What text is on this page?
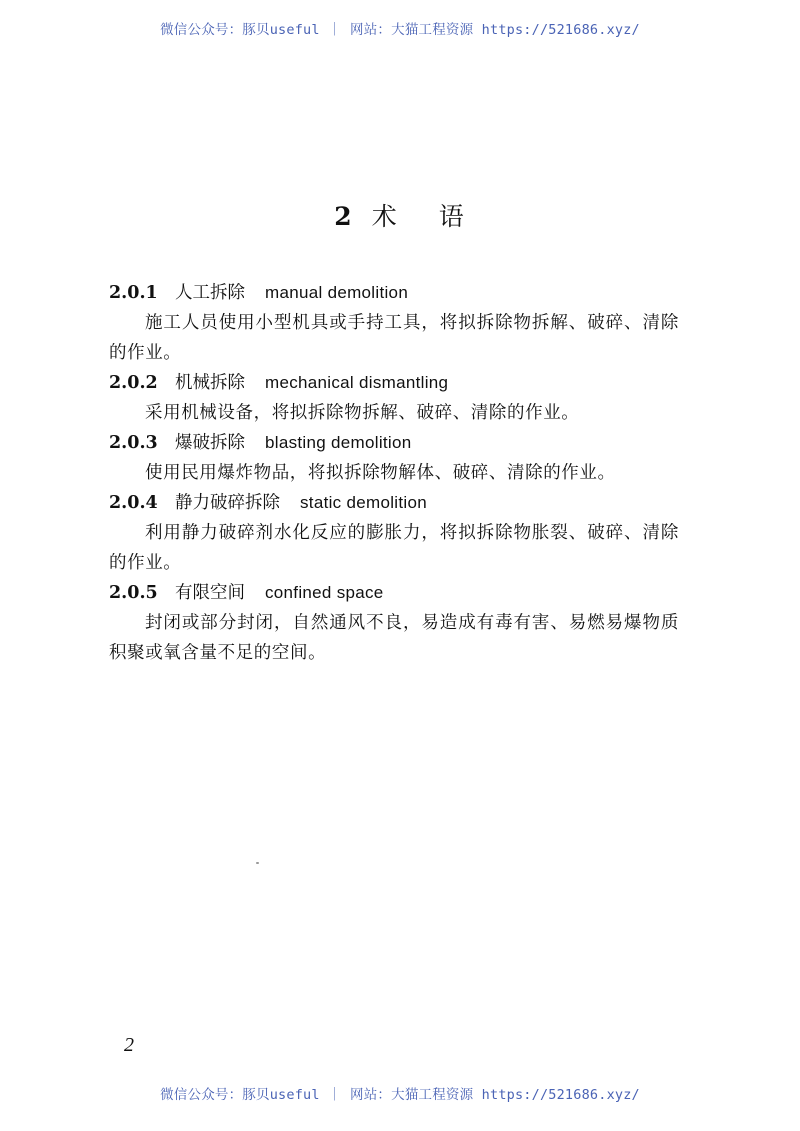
微信公众号：豚贝useful ｜ 网站：大猫工程资源 https://521686.xyz/
2 术 语
2.0.1 人工拆除 manual demolition
施工人员使用小型机具或手持工具，将拟拆除物拆解、破碎、清除的作业。
2.0.2 机械拆除 mechanical dismantling
采用机械设备，将拟拆除物拆解、破碎、清除的作业。
2.0.3 爆破拆除 blasting demolition
使用民用爆炸物品，将拟拆除物解体、破碎、清除的作业。
2.0.4 静力破碎拆除 static demolition
利用静力破碎剂水化反应的膨胀力，将拟拆除物胀裂、破碎、清除的作业。
2.0.5 有限空间 confined space
封闭或部分封闭，自然通风不良，易造成有毒有害、易燃易爆物质积聚或氧含量不足的空间。
2
微信公众号：豚贝useful ｜ 网站：大猫工程资源 https://521686.xyz/
